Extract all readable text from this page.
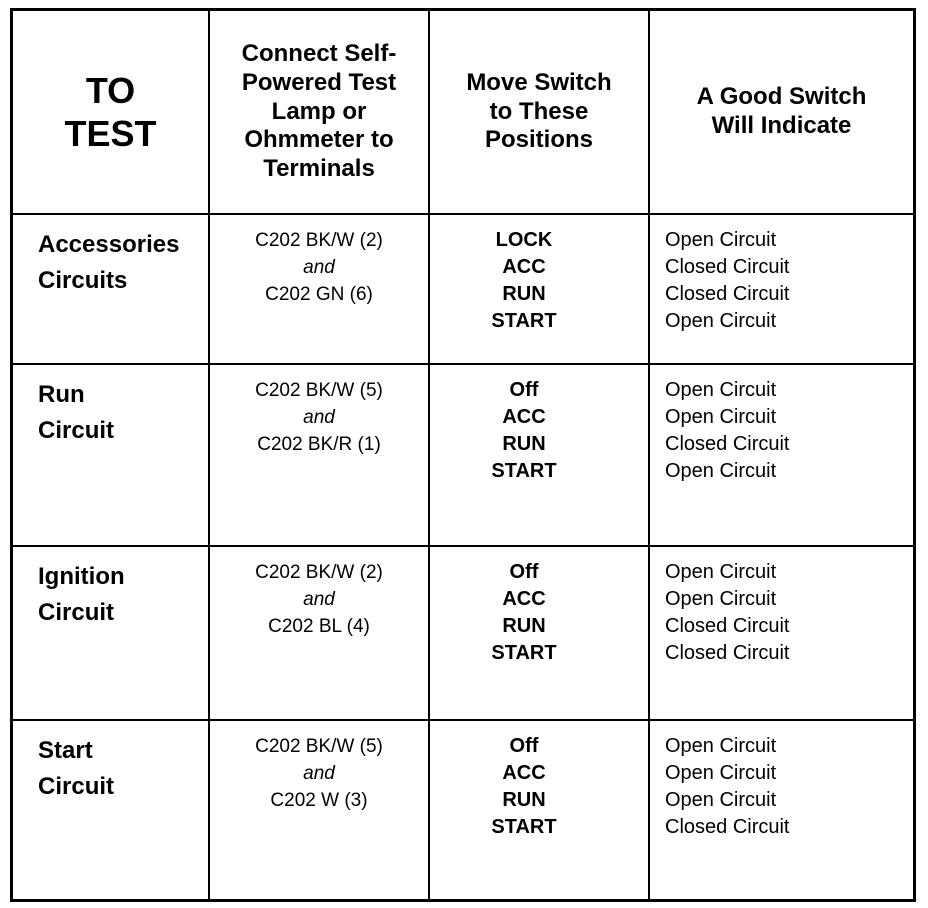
TO
TEST	Connect Self-
Powered Test
Lamp or
Ohmmeter to
Terminals	Move Switch
to These
Positions	A Good Switch
Will Indicate

Accessories
Circuits	C202 BK/W (2)
and
C202 GN (6)	LOCK
ACC
RUN
START	Open Circuit
Closed Circuit
Closed Circuit
Open Circuit

Run
Circuit	C202 BK/W (5)
and
C202 BK/R (1)	Off
ACC
RUN
START	Open Circuit
Open Circuit
Closed Circuit
Open Circuit

Ignition
Circuit	C202 BK/W (2)
and
C202 BL (4)	Off
ACC
RUN
START	Open Circuit
Open Circuit
Closed Circuit
Closed Circuit

Start
Circuit	C202 BK/W (5)
and
C202 W (3)	Off
ACC
RUN
START	Open Circuit
Open Circuit
Open Circuit
Closed Circuit
